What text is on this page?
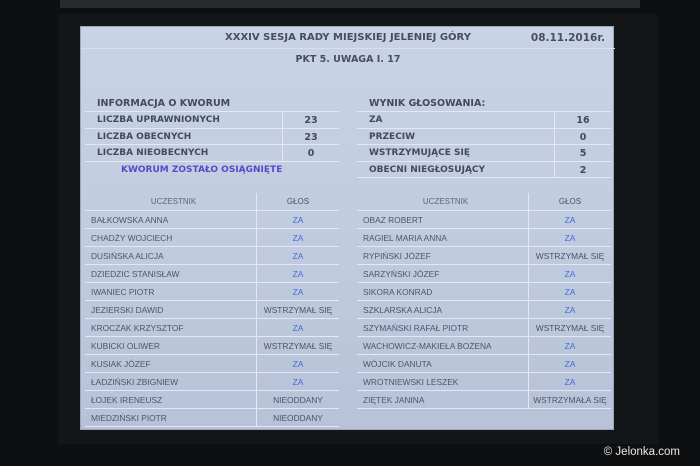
XXXIV SESJA RADY MIEJSKIEJ JELENIEJ GÓRY	08.11.2016r.
PKT 5. UWAGA I. 17
INFORMACJA O KWORUM
LICZBA UPRAWNIONYCH	23
LICZBA OBECNYCH	23
LICZBA NIEOBECNYCH	0
KWORUM ZOSTAŁO OSIĄGNIĘTE
WYNIK GŁOSOWANIA:
ZA	16
PRZECIW	0
WSTRZYMUJĄCE SIĘ	5
OBECNI NIEGŁOSUJĄCY	2
UCZESTNIK	GŁOS
BAŁKOWSKA ANNA	ZA
CHADŻY WOJCIECH	ZA
DUSIŃSKA ALICJA	ZA
DZIEDZIC STANISŁAW	ZA
IWANIEC PIOTR	ZA
JEZIERSKI DAWID	WSTRZYMAŁ SIĘ
KROCZAK KRZYSZTOF	ZA
KUBICKI OLIWER	WSTRZYMAŁ SIĘ
KUSIAK JÓZEF	ZA
ŁADZIŃSKI ZBIGNIEW	ZA
ŁOJEK IRENEUSZ	NIEODDANY
MIEDZIŃSKI PIOTR	NIEODDANY
UCZESTNIK	GŁOS
OBAZ ROBERT	ZA
RAGIEL MARIA ANNA	ZA
RYPIŃSKI JÓZEF	WSTRZYMAŁ SIĘ
SARZYŃSKI JÓZEF	ZA
SIKORA KONRAD	ZA
SZKLARSKA ALICJA	ZA
SZYMAŃSKI RAFAŁ PIOTR	WSTRZYMAŁ SIĘ
WACHOWICZ-MAKIEŁA BOŻENA	ZA
WÓJCIK DANUTA	ZA
WROTNIEWSKI LESZEK	ZA
ZIĘTEK JANINA	WSTRZYMAŁA SIĘ
© Jelonka.com
